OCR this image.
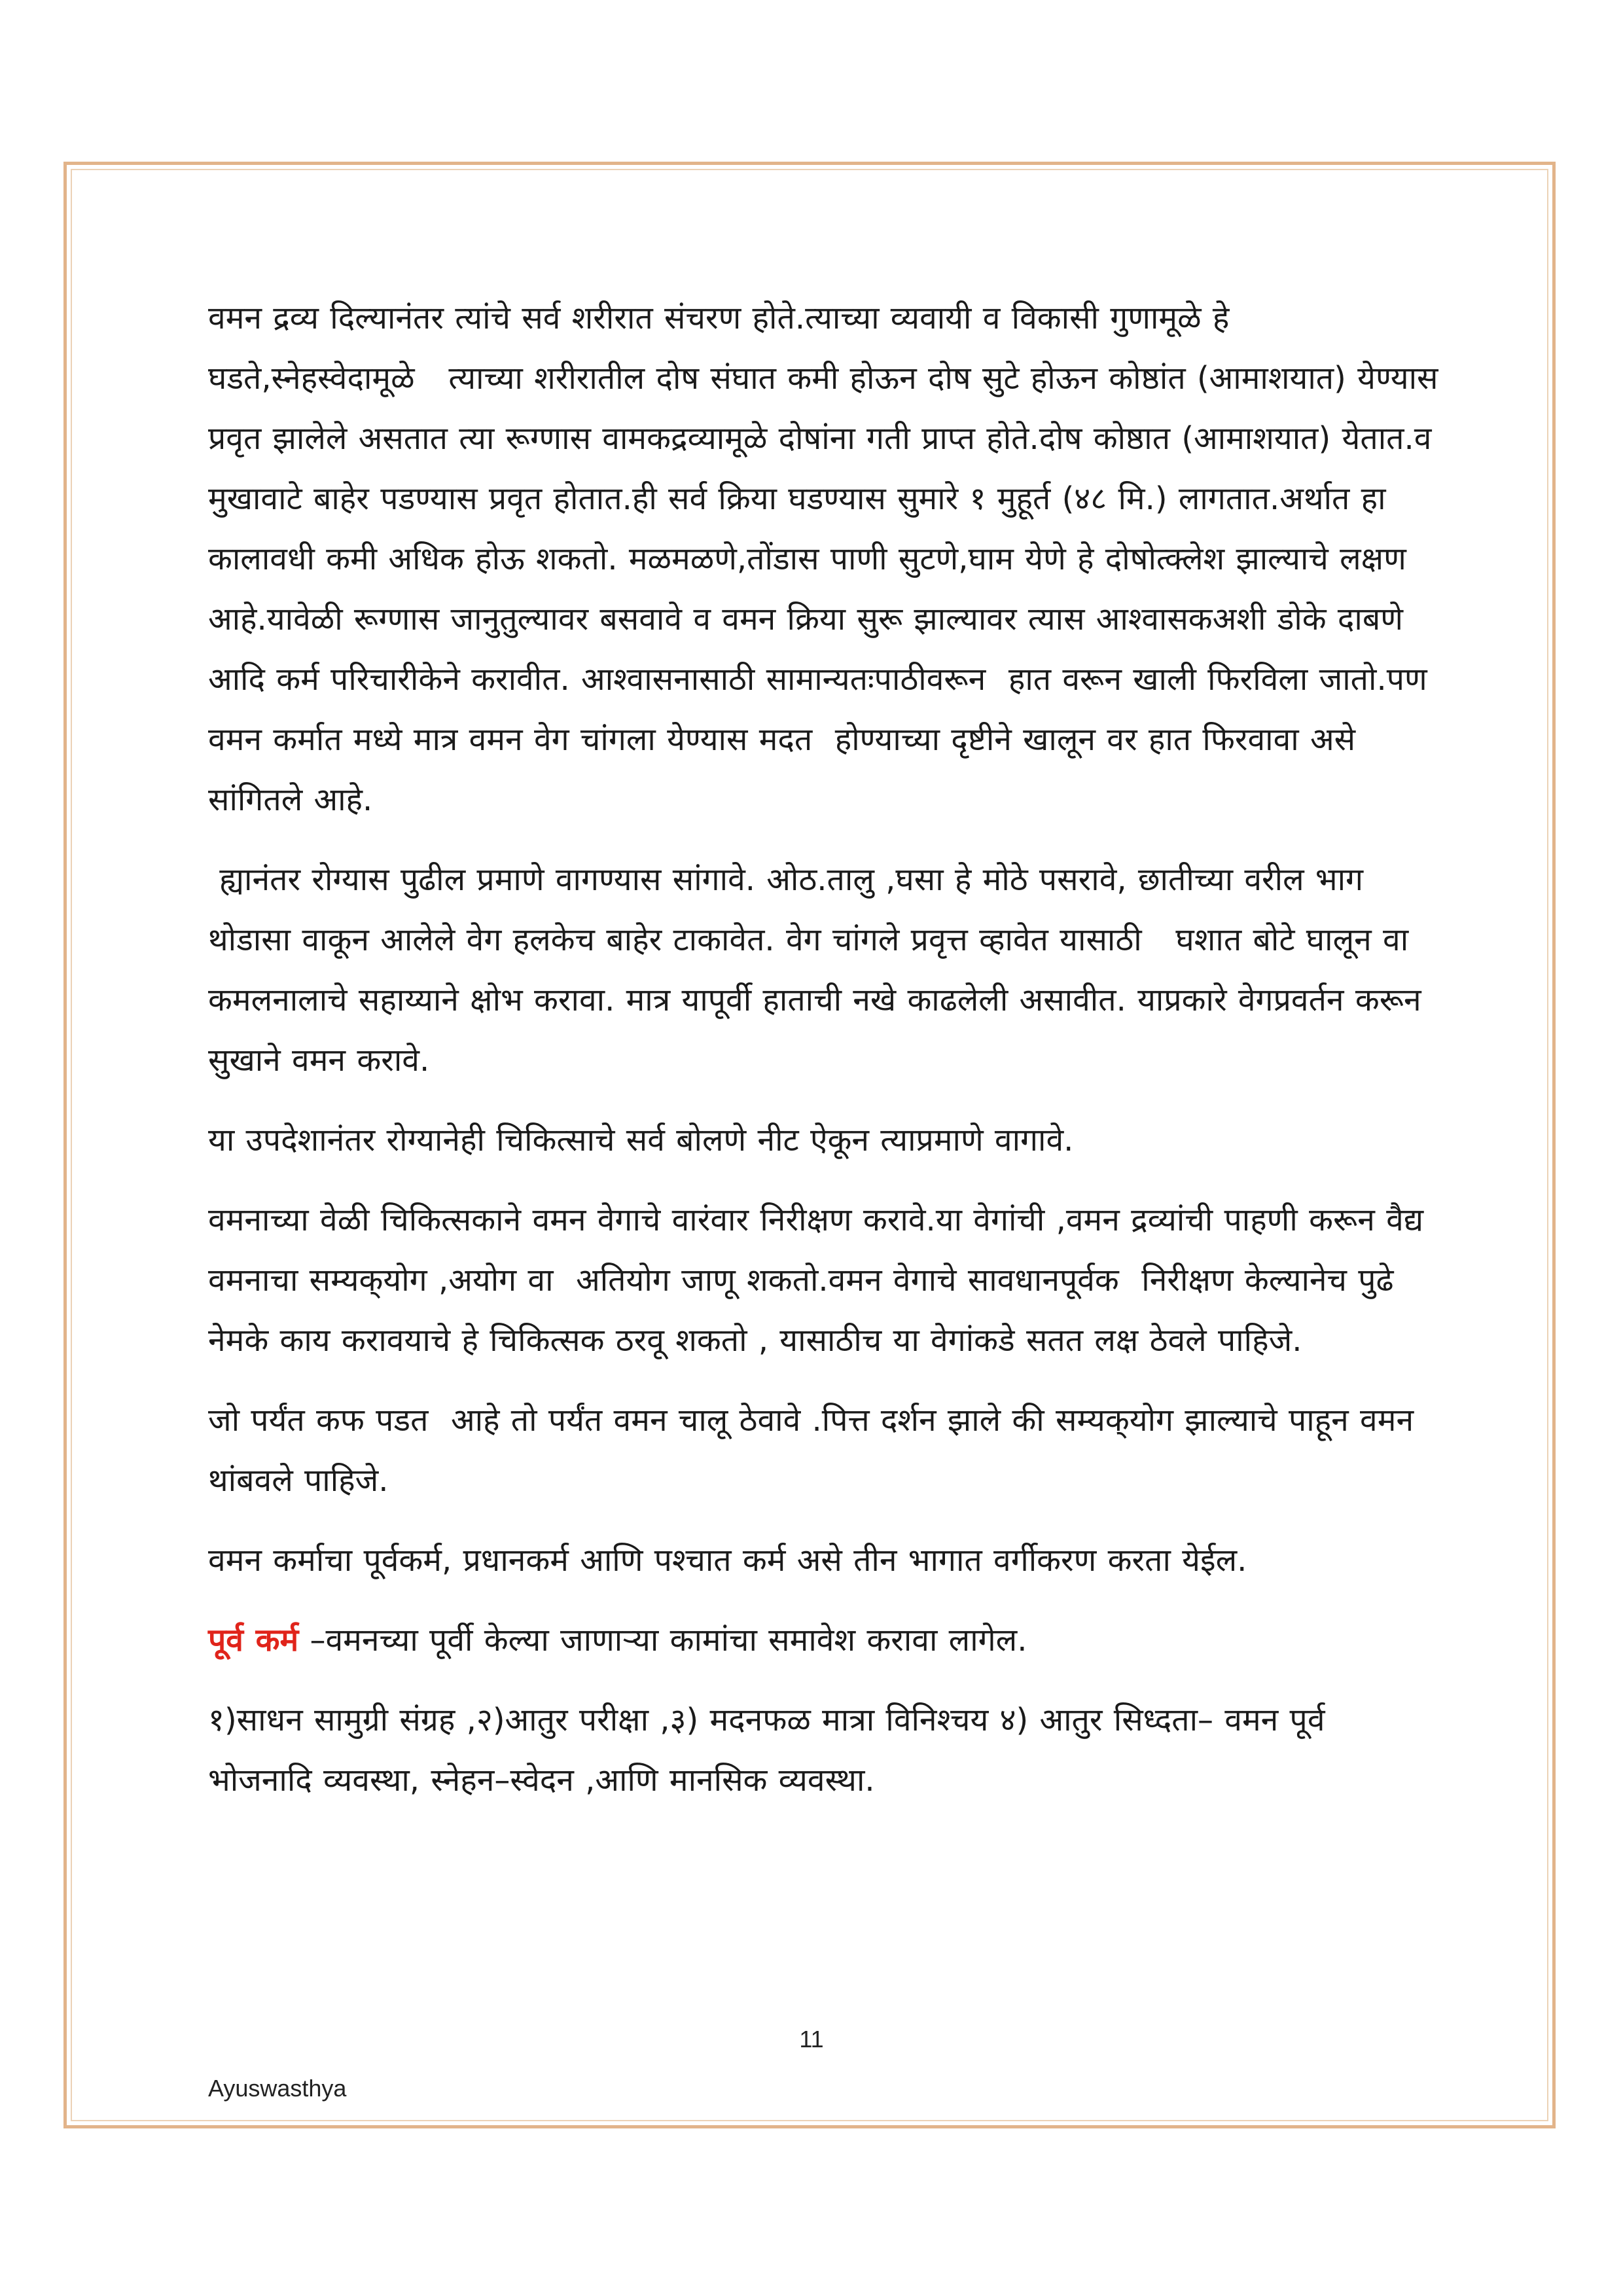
वमन द्रव्य दिल्यानंतर त्यांचे सर्व शरीरात संचरण होते.त्याच्या व्यवायी व विकासी गुणामूळे हे घडते,स्नेहस्वेदामूळे   त्याच्या शरीरातील दोष संघात कमी होऊन दोष सुटे होऊन कोष्ठांत (आमाशयात) येण्यास प्रवृत झालेले असतात त्या रूग्णास वामकद्रव्यामूळे दोषांना गती प्राप्त होते.दोष कोष्ठात (आमाशयात) येतात.व मुखावाटे बाहेर पडण्यास प्रवृत होतात.ही सर्व क्रिया घडण्यास सुमारे १ मुहूर्त (४८ मि.) लागतात.अर्थात हा कालावधी कमी अधिक होऊ शकतो. मळमळणे,तोंडास पाणी सुटणे,घाम येणे हे दोषोत्क्लेश झाल्याचे लक्षण आहे.यावेळी रूग्णास जानुतुल्यावर बसवावे व वमन क्रिया सुरू झाल्यावर त्यास आश्वासकअशी डोके दाबणे आदि कर्म परिचारीकेने करावीत. आश्वासनासाठी सामान्यतःपाठीवरून  हात वरून खाली फिरविला जातो.पण वमन कर्मात मध्ये मात्र वमन वेग चांगला येण्यास मदत  होण्याच्या दृष्टीने खालून वर हात फिरवावा असे सांगितले आहे.

ह्यानंतर रोग्यास पुढील प्रमाणे वागण्यास सांगावे. ओठ.तालु ,घसा हे मोठे पसरावे, छातीच्या वरील भाग थोडासा वाकून आलेले वेग हलकेच बाहेर टाकावेत. वेग चांगले प्रवृत्त व्हावेत यासाठी   घशात बोटे घालून वा कमलनालाचे सहाय्याने क्षोभ करावा. मात्र यापूर्वी हाताची नखे काढलेली असावीत. याप्रकारे वेगप्रवर्तन करून सुखाने वमन करावे.

या उपदेशानंतर रोग्यानेही चिकित्साचे सर्व बोलणे नीट ऐकून त्याप्रमाणे वागावे.

वमनाच्या वेळी चिकित्सकाने वमन वेगाचे वारंवार निरीक्षण करावे.या वेगांची ,वमन द्रव्यांची पाहणी करून वैद्य वमनाचा सम्यक्‌योग ,अयोग वा  अतियोग जाणू शकतो.वमन वेगाचे सावधानपूर्वक  निरीक्षण केल्यानेच पुढे नेमके काय करावयाचे हे चिकित्सक ठरवू शकतो , यासाठीच या वेगांकडे सतत लक्ष ठेवले पाहिजे.

जो पर्यंत कफ पडत  आहे तो पर्यंत वमन चालू ठेवावे .पित्त दर्शन झाले की सम्यक्‌योग झाल्याचे पाहून वमन थांबवले पाहिजे.

वमन कर्माचा पूर्वकर्म, प्रधानकर्म आणि पश्चात कर्म असे तीन भागात वर्गीकरण करता येईल.

पूर्व कर्म –वमनच्या पूर्वी केल्या जाणाऱ्या कामांचा समावेश करावा लागेल.

१)साधन सामुग्री संग्रह ,२)आतुर परीक्षा ,३) मदनफळ मात्रा विनिश्चय ४) आतुर सिध्दता– वमन पूर्व भोजनादि व्यवस्था, स्नेहन–स्वेदन ,आणि मानसिक व्यवस्था.

11
Ayuswasthya
